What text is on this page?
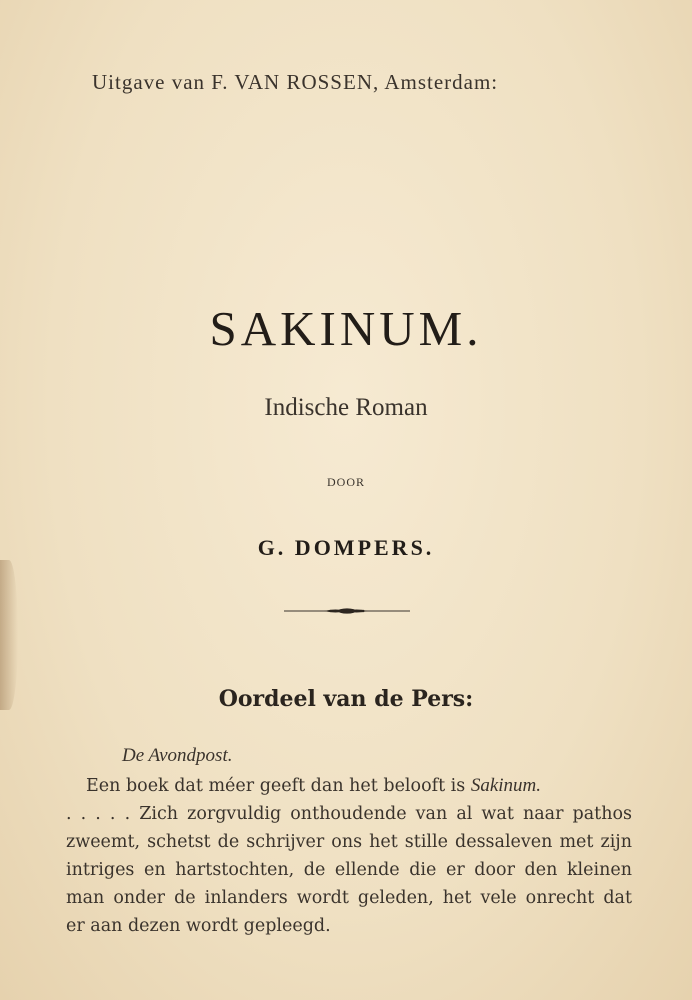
Uitgave van F. VAN ROSSEN, Amsterdam:
SAKINUM.
Indische Roman
DOOR
G. DOMPERS.
Oordeel van de Pers:
De Avondpost.
Een boek dat méer geeft dan het belooft is Sakinum.
. . . . . Zich zorgvuldig onthoudende van al wat naar pathos
zweemt, schetst de schrijver ons het stille dessaleven met zijn
intriges en hartstochten, de ellende die er door den kleinen
man onder de inlanders wordt geleden, het vele onrecht dat
er aan dezen wordt gepleegd.
